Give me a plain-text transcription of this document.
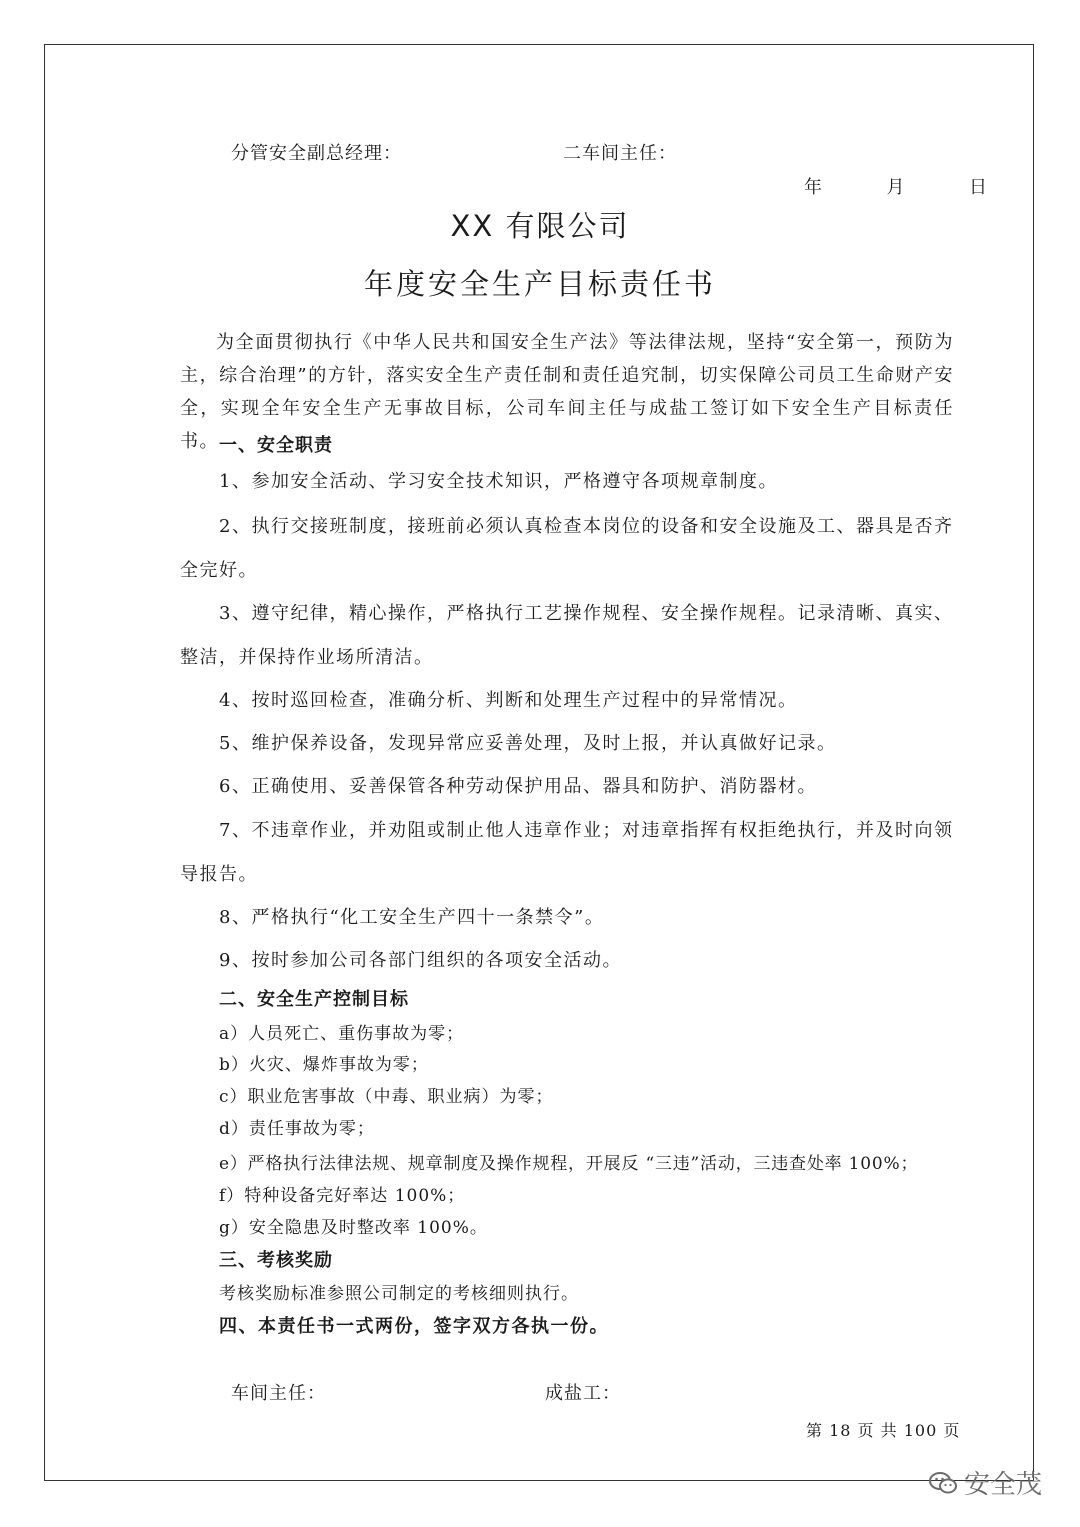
分管安全副总经理：	二车间主任：
年	月	日
XX 有限公司
年度安全生产目标责任书

为全面贯彻执行《中华人民共和国安全生产法》等法律法规，坚持“安全第一，预防为主，综合治理”的方针，落实安全生产责任制和责任追究制，切实保障公司员工生命财产安全，实现全年安全生产无事故目标，公司车间主任与成盐工签订如下安全生产目标责任书。 一、安全职责
1、参加安全活动、学习安全技术知识，严格遵守各项规章制度。
2、执行交接班制度，接班前必须认真检查本岗位的设备和安全设施及工、器具是否齐全完好。
3、遵守纪律，精心操作，严格执行工艺操作规程、安全操作规程。记录清晰、真实、整洁，并保持作业场所清洁。
4、按时巡回检查，准确分析、判断和处理生产过程中的异常情况。
5、维护保养设备，发现异常应妥善处理，及时上报，并认真做好记录。
6、正确使用、妥善保管各种劳动保护用品、器具和防护、消防器材。
7、不违章作业，并劝阻或制止他人违章作业；对违章指挥有权拒绝执行，并及时向领导报告。
8、严格执行“化工安全生产四十一条禁令”。
9、按时参加公司各部门组织的各项安全活动。
二、安全生产控制目标
a）人员死亡、重伤事故为零；
b）火灾、爆炸事故为零；
c）职业危害事故（中毒、职业病）为零；
d）责任事故为零；
e）严格执行法律法规、规章制度及操作规程，开展反 “三违”活动，三违查处率 100%；
f）特种设备完好率达 100%；
g）安全隐患及时整改率 100%。
三、考核奖励
考核奖励标准参照公司制定的考核细则执行。
四、本责任书一式两份，签字双方各执一份。
车间主任：	成盐工：
第 18 页 共 100 页
安全茂
